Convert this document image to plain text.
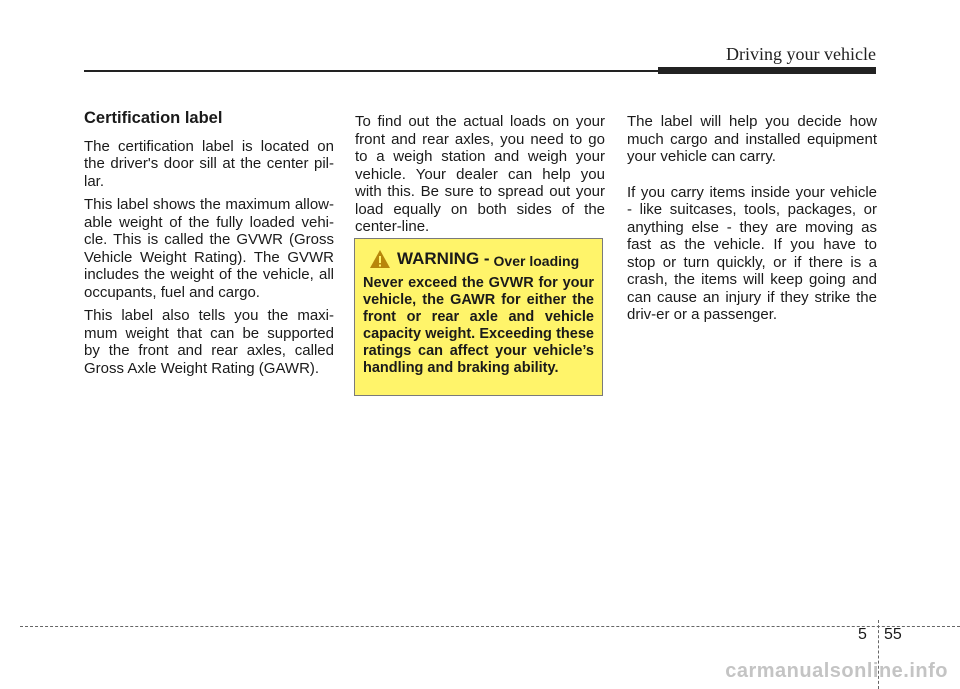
Driving your vehicle
Certification label

The certification label is located on the driver's door sill at the center pil-lar.

This label shows the maximum allow-able weight of the fully loaded vehi-cle. This is called the GVWR (Gross Vehicle Weight Rating). The GVWR includes the weight of the vehicle, all occupants, fuel and cargo.

This label also tells you the maxi-mum weight that can be supported by the front and rear axles, called Gross Axle Weight Rating (GAWR).

To find out the actual loads on your front and rear axles, you need to go to a weigh station and weigh your vehicle. Your dealer can help you with this. Be sure to spread out your load equally on both sides of the center-line.

WARNING - Over loading

Never exceed the GVWR for your vehicle, the GAWR for either the front or rear axle and vehicle capacity weight. Exceeding these ratings can affect your vehicle’s handling and braking ability.

The label will help you decide how much cargo and installed equipment your vehicle can carry.

If you carry items inside your vehicle - like suitcases, tools, packages, or anything else - they are moving as fast as the vehicle. If you have to stop or turn quickly, or if there is a crash, the items will keep going and can cause an injury if they strike the driv-er or a passenger.

5 55
carmanualsonline.info
